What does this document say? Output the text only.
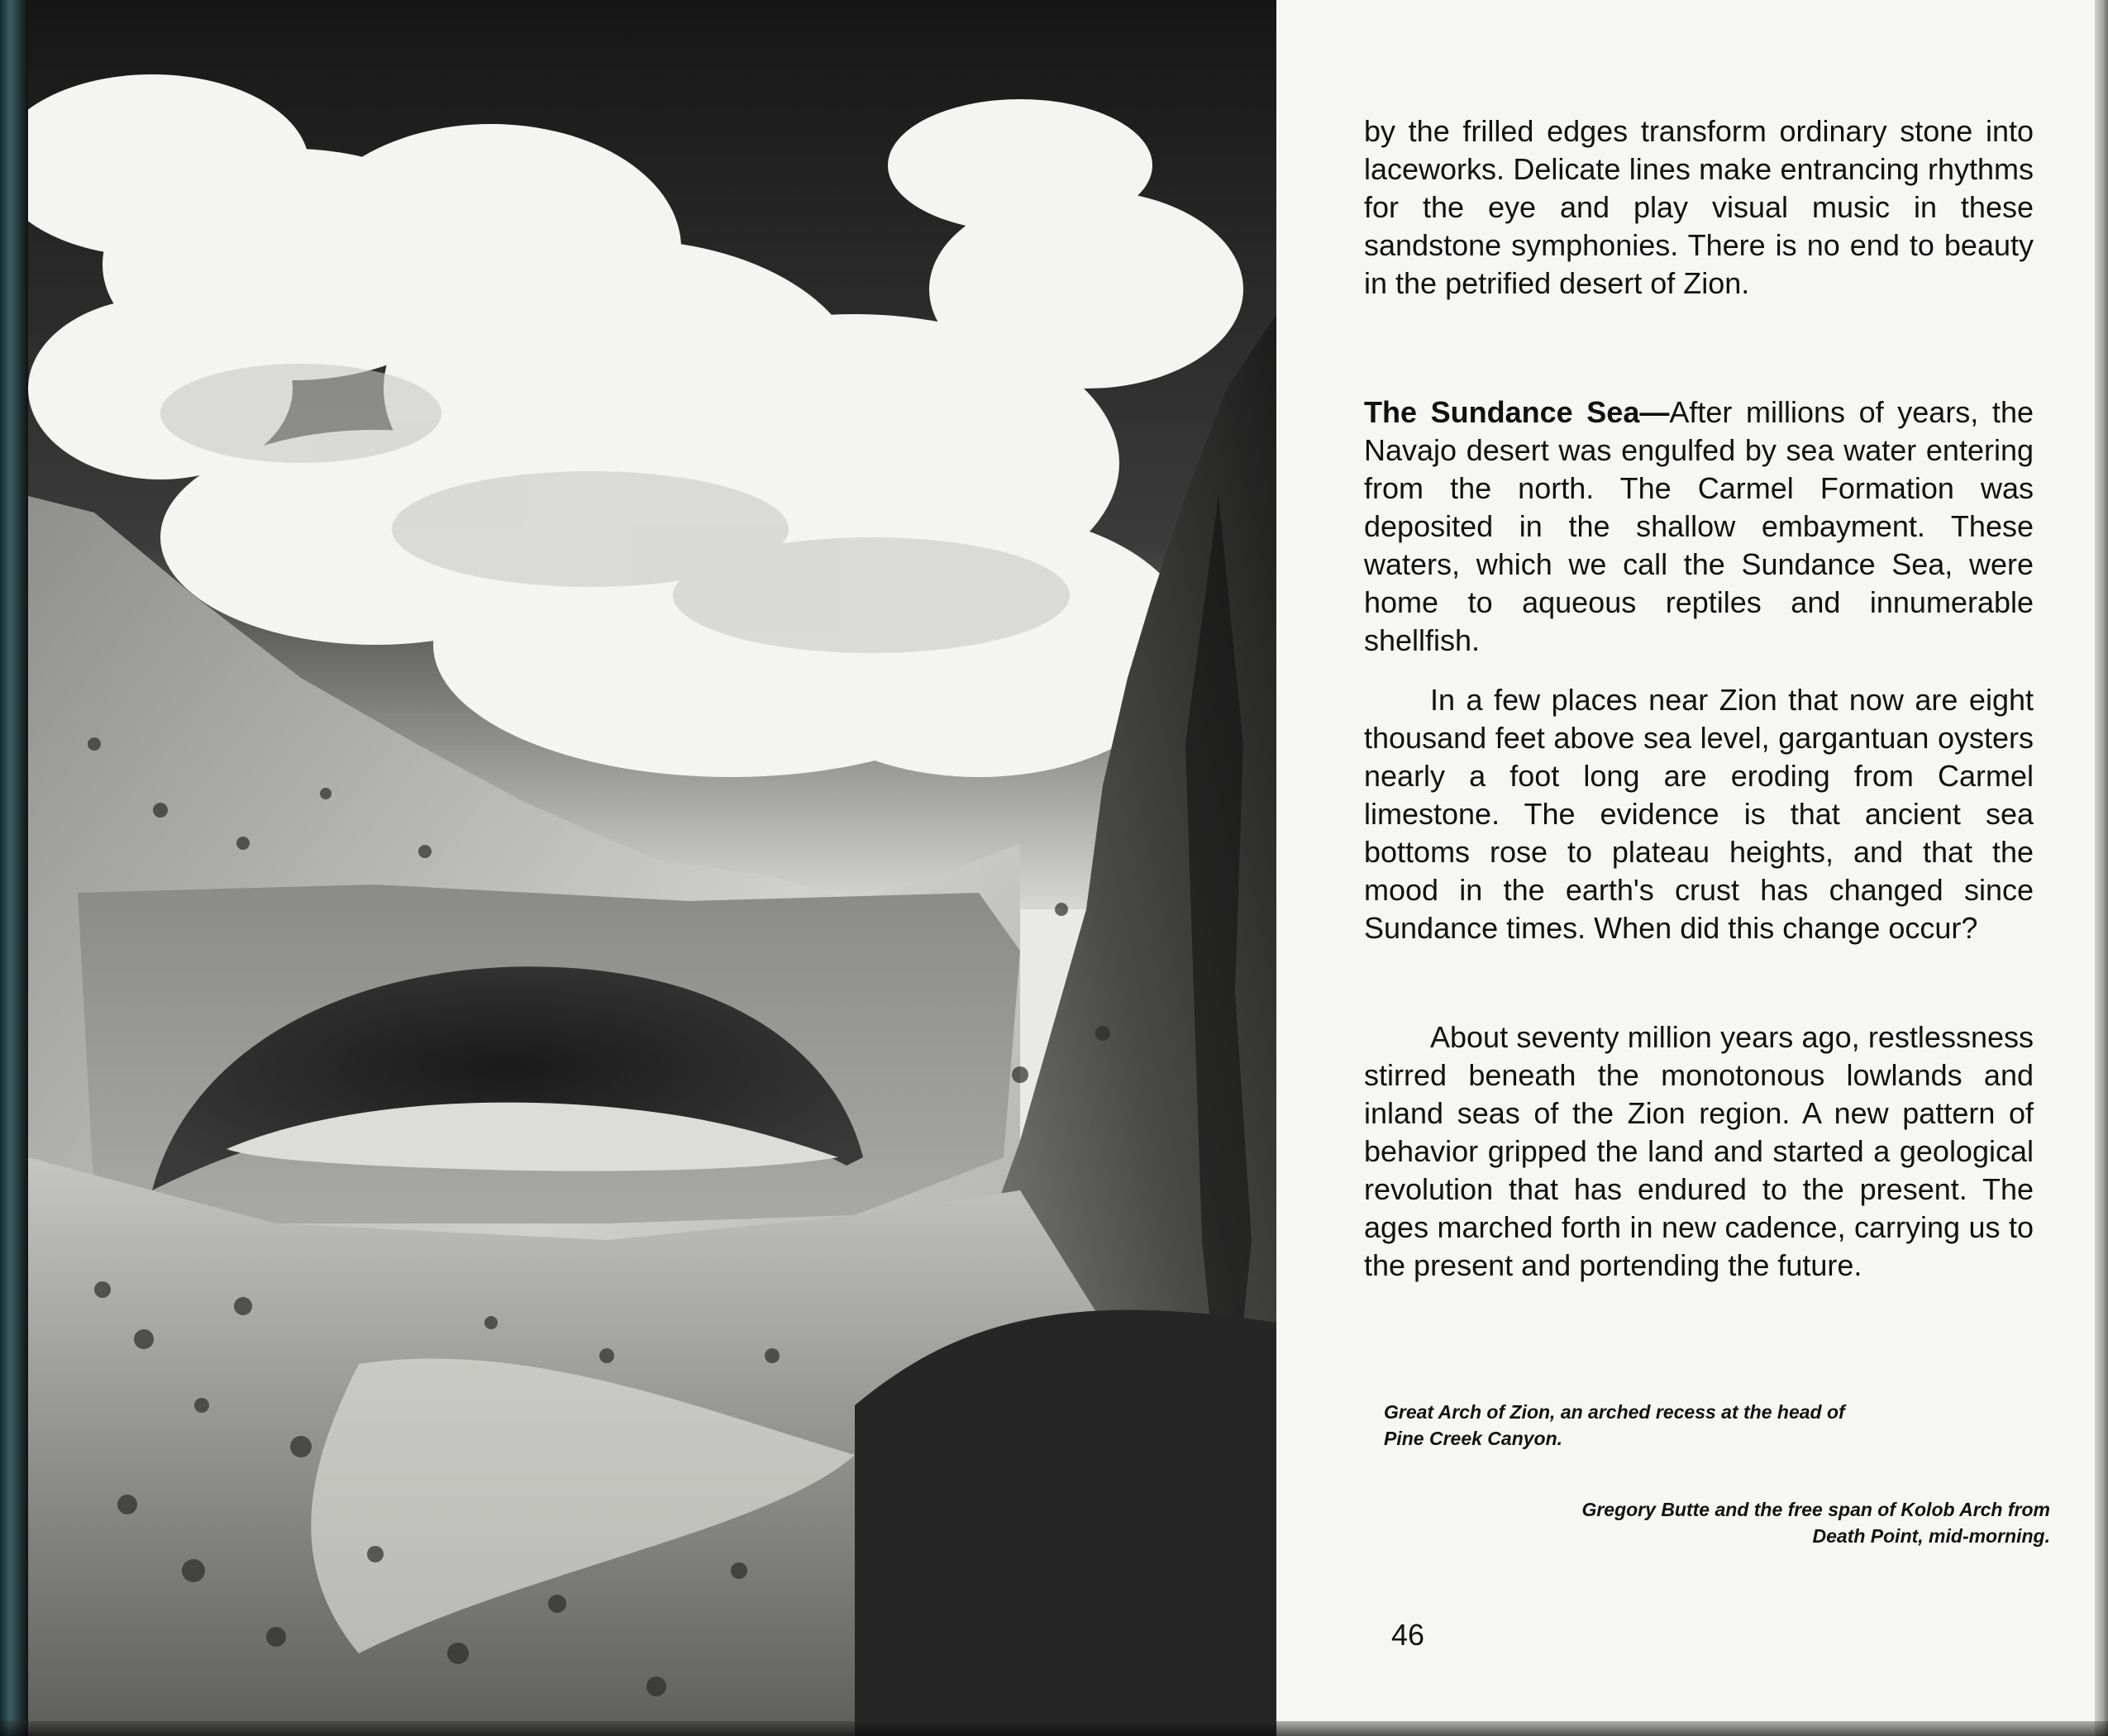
by the frilled edges transform ordinary stone into laceworks. Delicate lines make entrancing rhythms for the eye and play visual music in these sandstone symphonies. There is no end to beauty in the petrified desert of Zion.

The Sundance Sea—After millions of years, the Navajo desert was engulfed by sea water entering from the north. The Carmel Formation was deposited in the shallow embayment. These waters, which we call the Sundance Sea, were home to aqueous reptiles and innumerable shellfish.

In a few places near Zion that now are eight thousand feet above sea level, gargantuan oysters nearly a foot long are eroding from Carmel limestone. The evidence is that ancient sea bottoms rose to plateau heights, and that the mood in the earth's crust has changed since Sundance times. When did this change occur?

About seventy million years ago, restlessness stirred beneath the monotonous lowlands and inland seas of the Zion region. A new pattern of behavior gripped the land and started a geological revolution that has endured to the present. The ages marched forth in new cadence, carrying us to the present and portending the future.

Great Arch of Zion, an arched recess at the head of Pine Creek Canyon.
Gregory Butte and the free span of Kolob Arch from Death Point, mid-morning.
46
